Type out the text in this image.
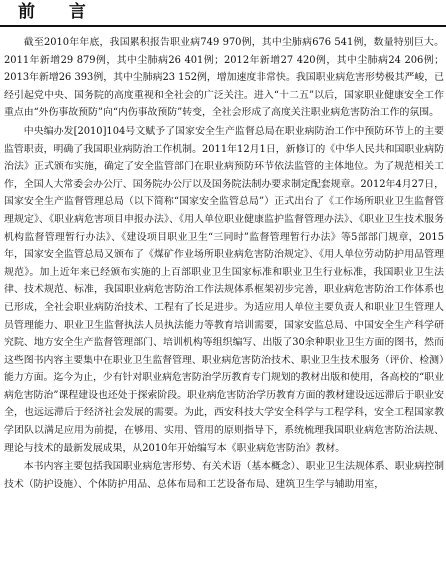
前 言

截至2010年年底，我国累积报告职业病749 970例，其中尘肺病676 541例，数量特别巨大。2011年新增29 879例，其中尘肺病26 401例；2012年新增27 420例，其中尘肺病24 206例；2013年新增26 393例，其中尘肺病23 152例，增加速度非常快。我国职业病危害形势极其严峻，已经引起党中央、国务院的高度重视和全社会的广泛关注。进入“十二五”以后，国家职业健康安全工作重点由“外伤事故预防”向“内伤事故预防”转变，全社会形成了高度关注职业病危害防治工作的氛围。

中央编办发[2010]104号文赋予了国家安全生产监督总局在职业病防治工作中预防环节上的主要监管职责，明确了我国职业病防治工作机制。2011年12月1日，新修订的《中华人民共和国职业病防治法》正式颁布实施，确定了安全监管部门在职业病预防环节依法监管的主体地位。为了规范相关工作，全国人大常委会办公厅、国务院办公厅以及国务院法制办要求制定配套规章。2012年4月27日，国家安全生产监督管理总局（以下简称“国家安全监管总局”）正式出台了《工作场所职业卫生监督管理规定》、《职业病危害项目申报办法》、《用人单位职业健康监护监督管理办法》、《职业卫生技术服务机构监督管理暂行办法》、《建设项目职业卫生“三同时”监督管理暂行办法》等5部部门规章，2015年，国家安全监管总局又颁布了《煤矿作业场所职业病危害防治规定》、《用人单位劳动防护用品管理规范》。加上近年来已经颁布实施的上百部职业卫生国家标准和职业卫生行业标准，我国职业卫生法律、技术规范、标准，我国职业病危害防治工作法规体系框架初步完善，职业病危害防治工作体系也已形成，全社会职业病防治技术、工程有了长足进步。为适应用人单位主要负责人和职业卫生管理人员管理能力、职业卫生监督执法人员执法能力等教育培训需要，国家安监总局、中国安全生产科学研究院、地方安全生产监督管理部门、培训机构等组织编写、出版了30余种职业卫生方面的图书，然而这些图书内容主要集中在职业卫生监督管理、职业病危害防治技术、职业卫生技术服务（评价、检测）能力方面。迄今为止，少有针对职业病危害防治学历教育专门规划的教材出版和使用，各高校的“职业病危害防治”课程建设也还处于探索阶段。职业病危害防治学历教育方面的教材建设远远滞后于职业安全，也远远滞后于经济社会发展的需要。为此，西安科技大学安全科学与工程学科，安全工程国家教学团队以满足应用为前提，在够用、实用、管用的原则指导下，系统梳理我国职业病危害防治法规、理论与技术的最新发展成果，从2010年开始编写本《职业病危害防治》教材。

本书内容主要包括我国职业病危害形势、有关术语（基本概念）、职业卫生法规体系、职业病控制技术（防护设施）、个体防护用品、总体布局和工艺设备布局、建筑卫生学与辅助用室，
